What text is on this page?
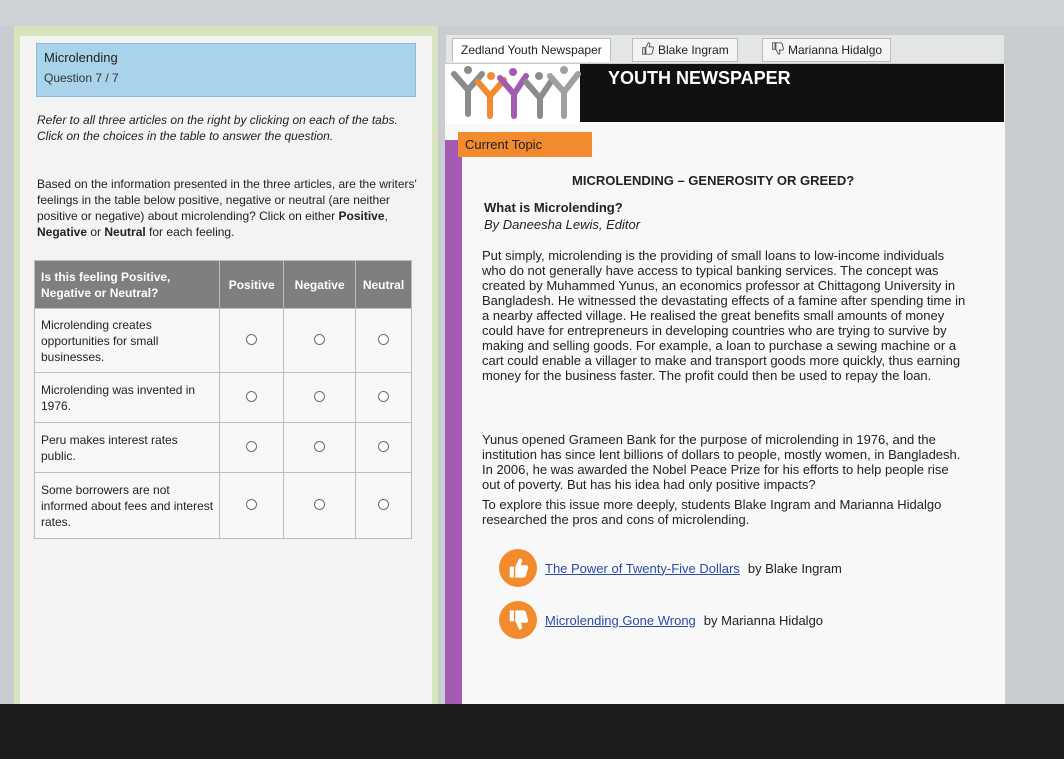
Microlending
Question 7 / 7
Refer to all three articles on the right by clicking on each of the tabs. Click on the choices in the table to answer the question.
Based on the information presented in the three articles, are the writers' feelings in the table below positive, negative or neutral (are neither positive or negative) about microlending? Click on either Positive, Negative or Neutral for each feeling.
Is this feeling Positive, Negative or Neutral?	Positive	Negative	Neutral
Microlending creates opportunities for small businesses.			
Microlending was invented in 1976.			
Peru makes interest rates public.			
Some borrowers are not informed about fees and interest rates.			
Zedland Youth Newspaper	Blake Ingram	Marianna Hidalgo
YOUTH NEWSPAPER
Current Topic
MICROLENDING – GENEROSITY OR GREED?
What is Microlending?
By Daneesha Lewis, Editor
Put simply, microlending is the providing of small loans to low-income individuals who do not generally have access to typical banking services. The concept was created by Muhammed Yunus, an economics professor at Chittagong University in Bangladesh. He witnessed the devastating effects of a famine after spending time in a nearby affected village. He realised the great benefits small amounts of money could have for entrepreneurs in developing countries who are trying to survive by making and selling goods. For example, a loan to purchase a sewing machine or a cart could enable a villager to make and transport goods more quickly, thus earning money for the business faster. The profit could then be used to repay the loan.
Yunus opened Grameen Bank for the purpose of microlending in 1976, and the institution has since lent billions of dollars to people, mostly women, in Bangladesh. In 2006, he was awarded the Nobel Peace Prize for his efforts to help people rise out of poverty. But has his idea had only positive impacts?
To explore this issue more deeply, students Blake Ingram and Marianna Hidalgo researched the pros and cons of microlending.
The Power of Twenty-Five Dollars by Blake Ingram
Microlending Gone Wrong by Marianna Hidalgo
